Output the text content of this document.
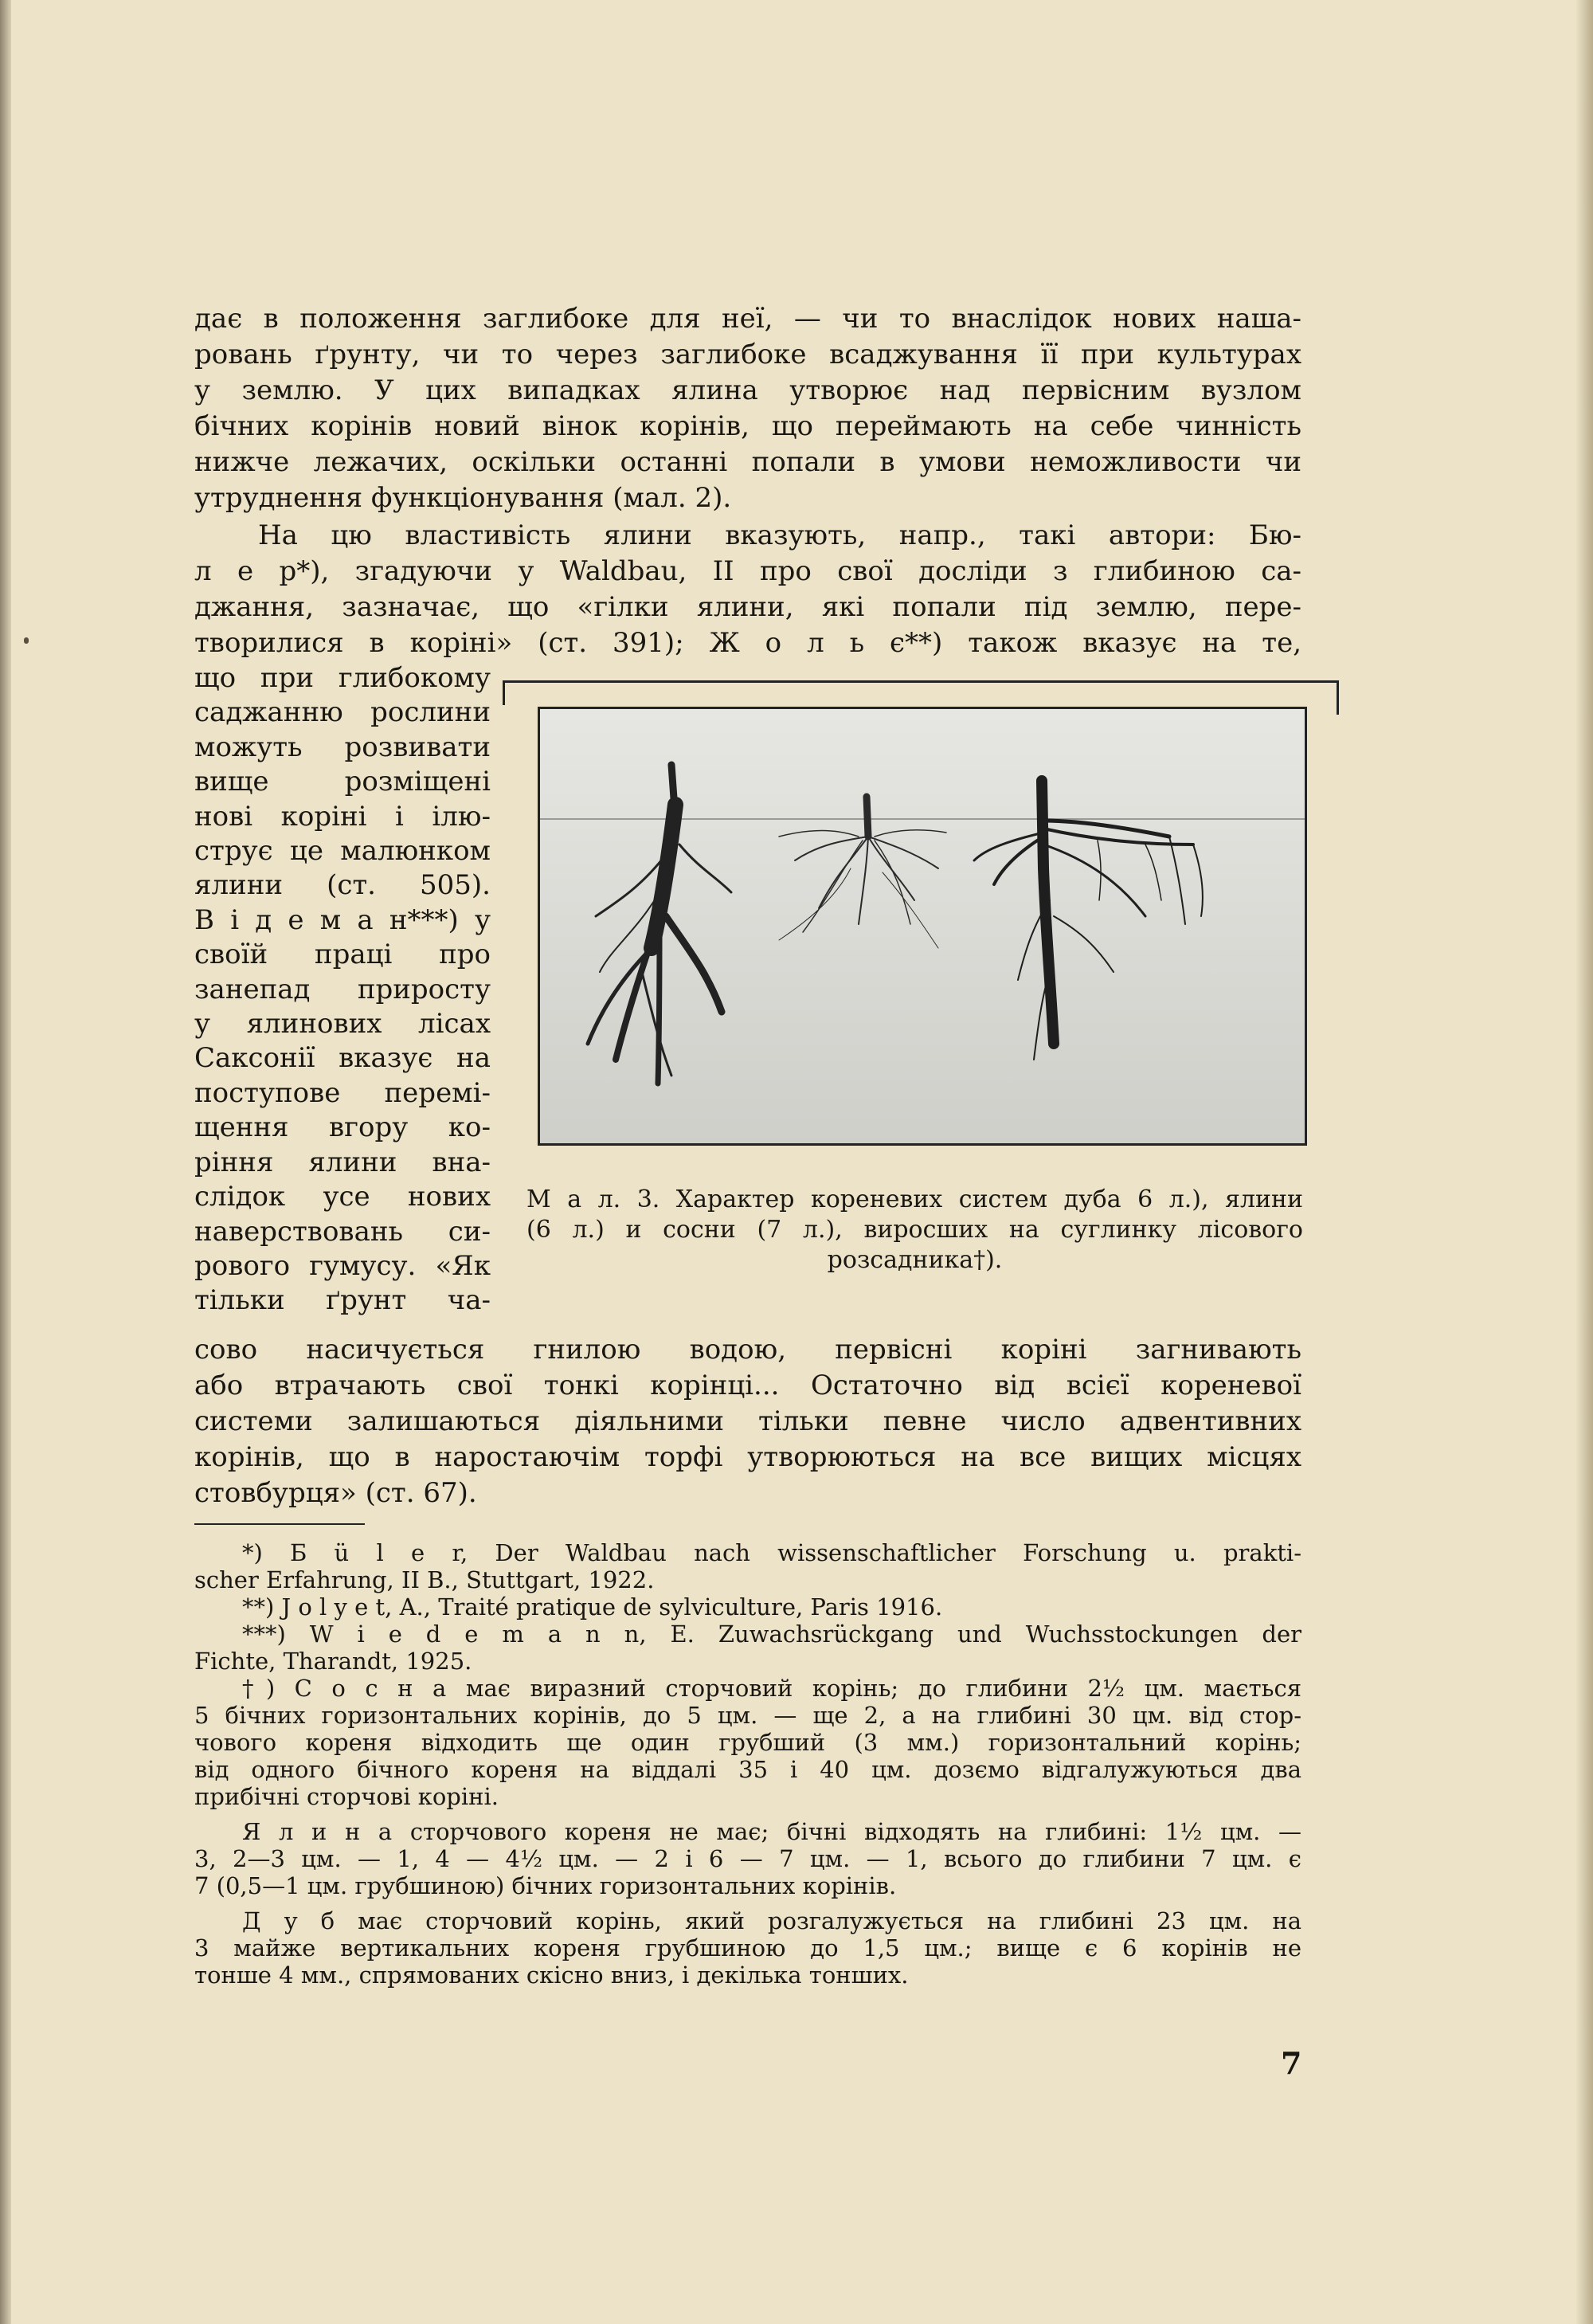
дає в положення заглибоке для неї, — чи то внаслідок нових наша-
ровань ґрунту, чи то через заглибоке всаджування її при культурах
у землю. У цих випадках ялина утворює над первісним вузлом
бічних корінів новий вінок корінів, що переймають на себе чинність
нижче лежачих, оскільки останні попали в умови неможливости чи
утруднення функціонування (мал. 2).
На цю властивість ялини вказують, напр., такі автори: Бю-
л е р*), згадуючи у Waldbau, II про свої досліди з глибиною са-
джання, зазначає, що «гілки ялини, які попали під землю, пере-
творилися в коріні» (ст. 391); Ж о л ь є**) також вказує на те,
що при глибокому
саджанню рослини
можуть розвивати
вище розміщені
нові коріні і ілю-
струє це малюнком
ялини (ст. 505).
В і д е м а н***) у
своїй праці про
занепад приросту
у ялинових лісах
Саксонії вказує на
поступове перемі-
щення вгору ко-
ріння ялини вна-
слідок усе нових
наверствовань си-
рового гумусу. «Як
тільки ґрунт ча-
М а л. 3. Характер кореневих систем дуба 6 л.), ялини
(6 л.) и сосни (7 л.), виросших на суглинку лісового
розсадника†).
сово насичується гнилою водою, первісні коріні загнивають
або втрачають свої тонкі корінці... Остаточно від всієї кореневої
системи залишаються діяльними тільки певне число адвентивних
корінів, що в наростаючім торфі утворюються на все вищих місцях
стовбурця» (ст. 67).
*) Б ü l e r, Der Waldbau nach wissenschaftlicher Forschung u. prakti-
scher Erfahrung, II B., Stuttgart, 1922.
**) J o l y e t, A., Traité pratique de sylviculture, Paris 1916.
***) W i e d e m a n n, E. Zuwachsrückgang und Wuchsstockungen der
Fichte, Tharandt, 1925.
†) С о с н а має виразний сторчовий корінь; до глибини 2½ цм. мається
5 бічних горизонтальних корінів, до 5 цм. — ще 2, а на глибині 30 цм. від стор-
чового кореня відходить ще один грубший (3 мм.) горизонтальний корінь;
від одного бічного кореня на віддалі 35 і 40 цм. дозємо відгалужуються два
прибічні сторчові коріні.
Я л и н а сторчового кореня не має; бічні відходять на глибині: 1½ цм. —
3, 2—3 цм. — 1, 4 — 4½ цм. — 2 і 6 — 7 цм. — 1, всього до глибини 7 цм. є
7 (0,5—1 цм. грубшиною) бічних горизонтальних корінів.
Д у б має сторчовий корінь, який розгалужується на глибині 23 цм. на
3 майже вертикальних кореня грубшиною до 1,5 цм.; вище є 6 корінів не
тонше 4 мм., спрямованих скісно вниз, і декілька тонших.
7
